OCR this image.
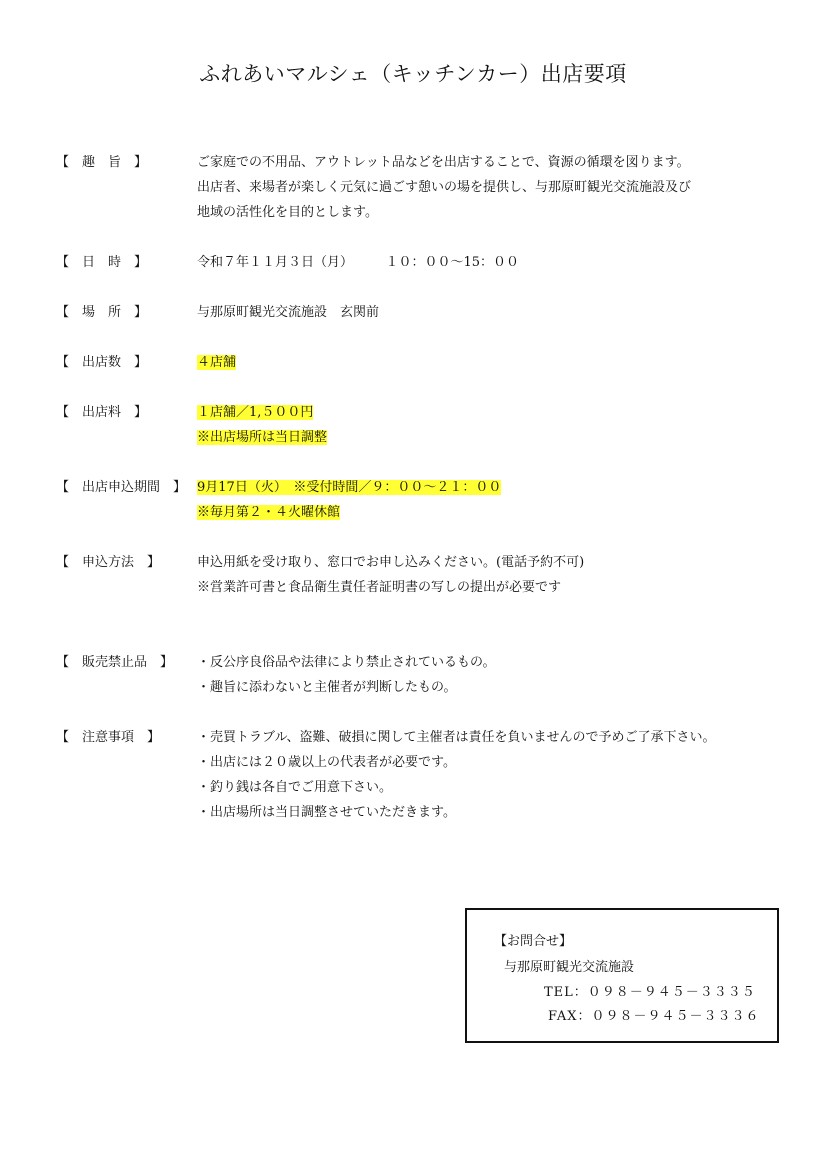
ふれあいマルシェ（キッチンカー）出店要項
【　趣　旨　】	ご家庭での不用品、アウトレット品などを出店することで、資源の循環を図ります。
出店者、来場者が楽しく元気に過ごす憩いの場を提供し、与那原町観光交流施設及び
地域の活性化を目的とします。
【　日　時　】	令和７年１１月３日（月）　　　１０：００～15：００
【　場　所　】	与那原町観光交流施設　玄関前
【　出店数　】	４店舗
【　出店料　】	１店舗／1,５００円
※出店場所は当日調整
【　出店申込期間　】 9月17日（火）　※受付時間／９：００～２１：００
※毎月第２・４火曜休館
【　申込方法　】	申込用紙を受け取り、窓口でお申し込みください。(電話予約不可)
※営業許可書と食品衛生責任者証明書の写しの提出が必要です
【　販売禁止品　】 ・反公序良俗品や法律により禁止されているもの。
・趣旨に添わないと主催者が判断したもの。
【　注意事項　】	・売買トラブル、盗難、破損に関して主催者は責任を負いませんので予めご了承下さい。
・出店には２０歳以上の代表者が必要です。
・釣り銭は各自でご用意下さい。
・出店場所は当日調整させていただきます。
【お問合せ】
与那原町観光交流施設
TEL：０９８－９４５－３３３５
FAX：０９８－９４５－３３３６
